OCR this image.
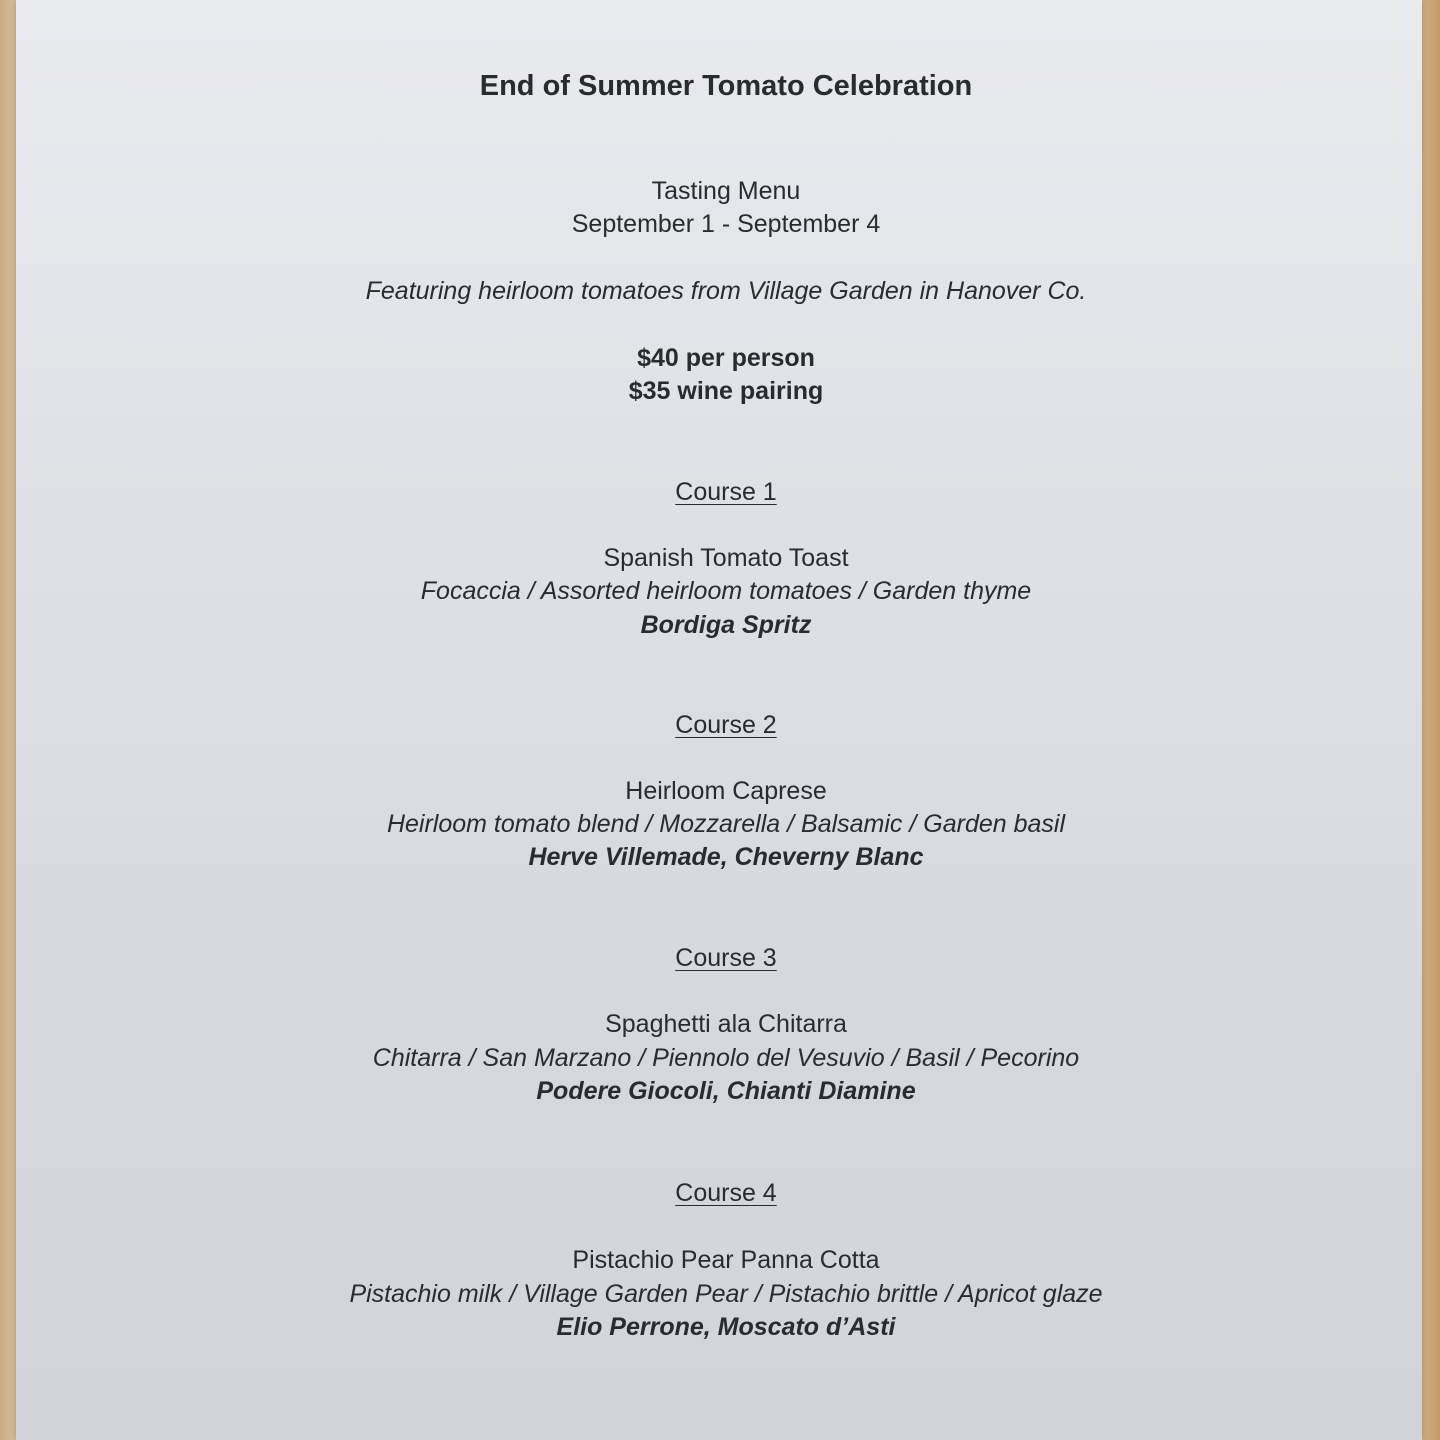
End of Summer Tomato Celebration
Tasting Menu
September 1 - September 4
Featuring heirloom tomatoes from Village Garden in Hanover Co.
$40 per person
$35 wine pairing
Course 1
Spanish Tomato Toast
Focaccia / Assorted heirloom tomatoes / Garden thyme
Bordiga Spritz
Course 2
Heirloom Caprese
Heirloom tomato blend / Mozzarella / Balsamic / Garden basil
Herve Villemade, Cheverny Blanc
Course 3
Spaghetti ala Chitarra
Chitarra / San Marzano / Piennolo del Vesuvio / Basil / Pecorino
Podere Giocoli, Chianti Diamine
Course 4
Pistachio Pear Panna Cotta
Pistachio milk / Village Garden Pear / Pistachio brittle / Apricot glaze
Elio Perrone, Moscato d’Asti
